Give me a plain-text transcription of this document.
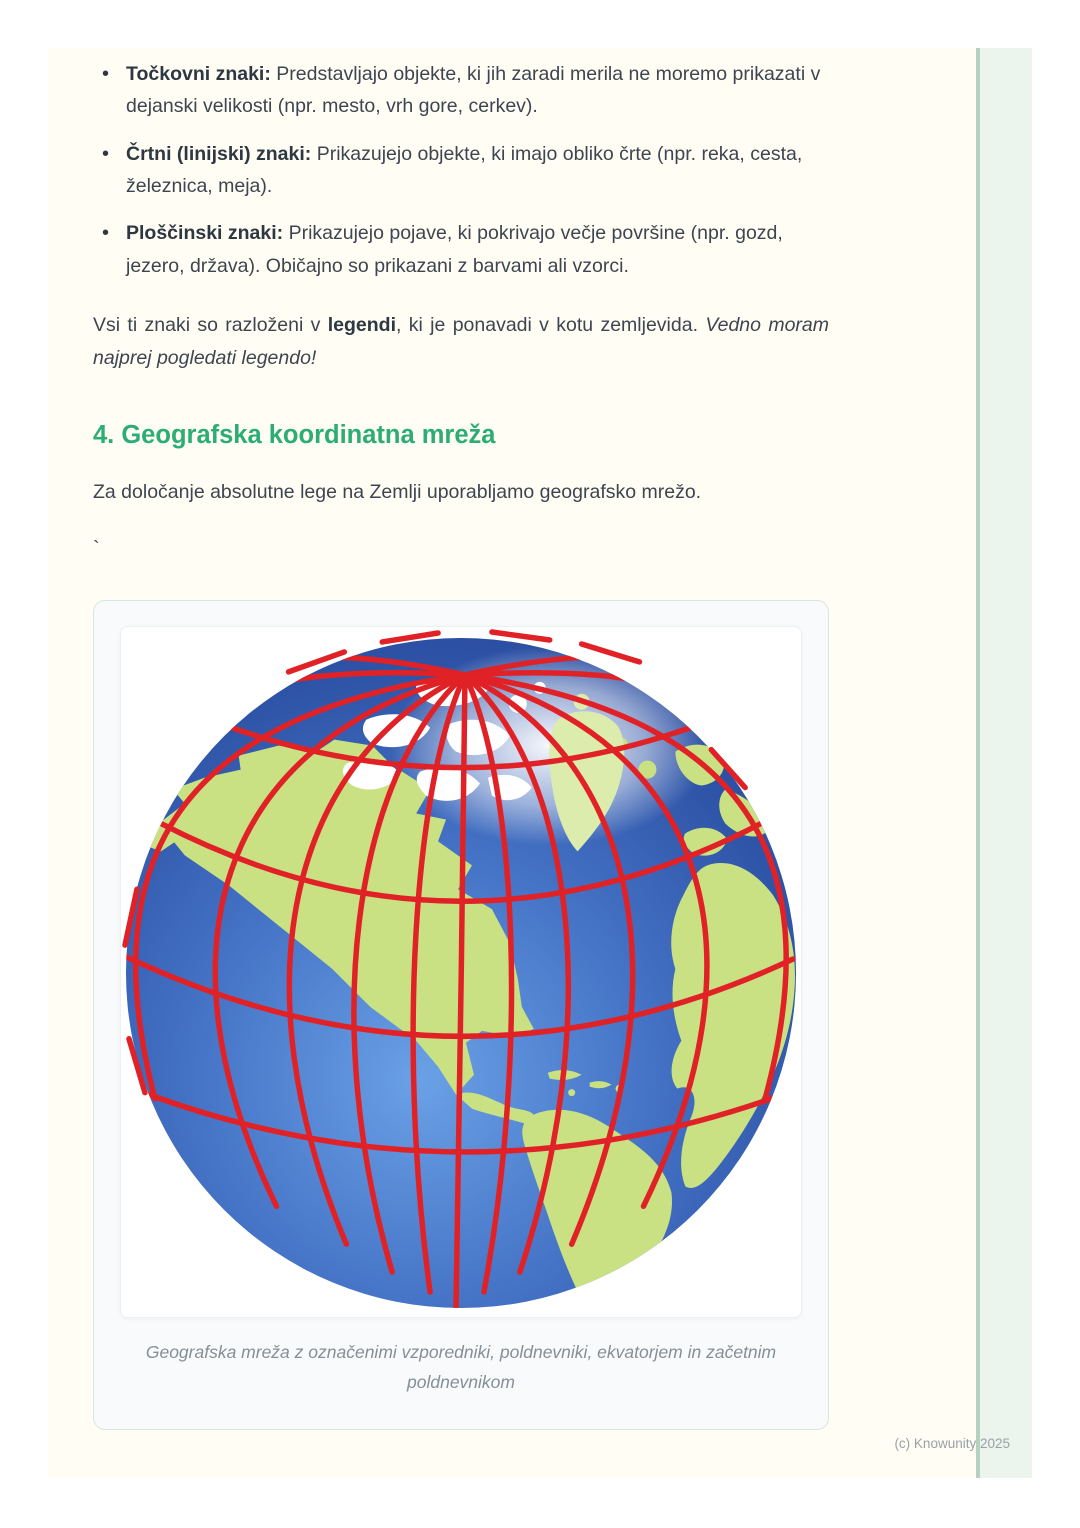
• Točkovni znaki: Predstavljajo objekte, ki jih zaradi merila ne moremo prikazati v dejanski velikosti (npr. mesto, vrh gore, cerkev).
• Črtni (linijski) znaki: Prikazujejo objekte, ki imajo obliko črte (npr. reka, cesta, železnica, meja).
• Ploščinski znaki: Prikazujejo pojave, ki pokrivajo večje površine (npr. gozd, jezero, država). Običajno so prikazani z barvami ali vzorci.

Vsi ti znaki so razloženi v legendi, ki je ponavadi v kotu zemljevida. Vedno moram najprej pogledati legendo!

4. Geografska koordinatna mreža

Za določanje absolutne lege na Zemlji uporabljamo geografsko mrežo.

`
Geografska mreža z označenimi vzporedniki, poldnevniki, ekvatorjem in začetnim poldnevnikom
(c) Knowunity 2025
